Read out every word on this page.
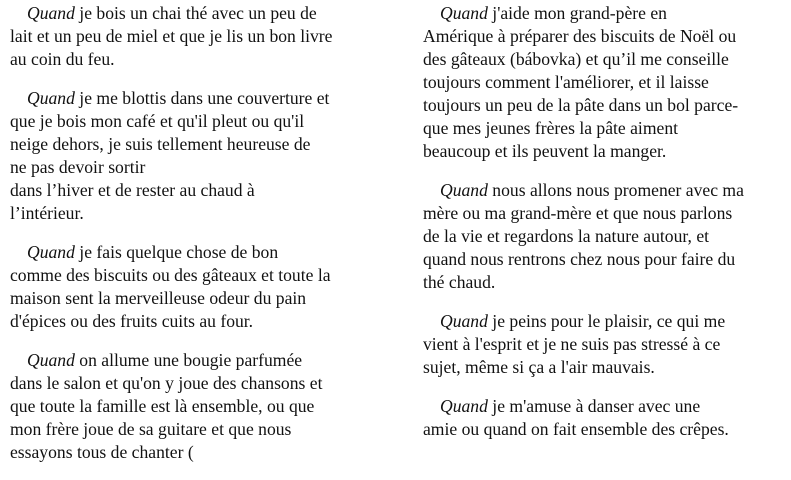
Quand je bois un chai thé avec un peu de
lait et un peu de miel et que je lis un bon livre
au coin du feu.

Quand je me blottis dans une couverture et
que je bois mon café et qu'il pleut ou qu'il
neige dehors, je suis tellement heureuse de
ne pas devoir sortir
dans l’hiver et de rester au chaud à
l’intérieur.

Quand je fais quelque chose de bon
comme des biscuits ou des gâteaux et toute la
maison sent la merveilleuse odeur du pain
d'épices ou des fruits cuits au four.

Quand on allume une bougie parfumée
dans le salon et qu'on y joue des chansons et
que toute la famille est là ensemble, ou que
mon frère joue de sa guitare et que nous
essayons tous de chanter (

Quand j'aide mon grand-père en
Amérique à préparer des biscuits de Noël ou
des gâteaux (bábovka) et qu’il me conseille
toujours comment l'améliorer, et il laisse
toujours un peu de la pâte dans un bol parce-
que mes jeunes frères la pâte aiment
beaucoup et ils peuvent la manger.

Quand nous allons nous promener avec ma
mère ou ma grand-mère et que nous parlons
de la vie et regardons la nature autour, et
quand nous rentrons chez nous pour faire du
thé chaud.

Quand je peins pour le plaisir, ce qui me
vient à l'esprit et je ne suis pas stressé à ce
sujet, même si ça a l'air mauvais.

Quand je m'amuse à danser avec une
amie ou quand on fait ensemble des crêpes.
